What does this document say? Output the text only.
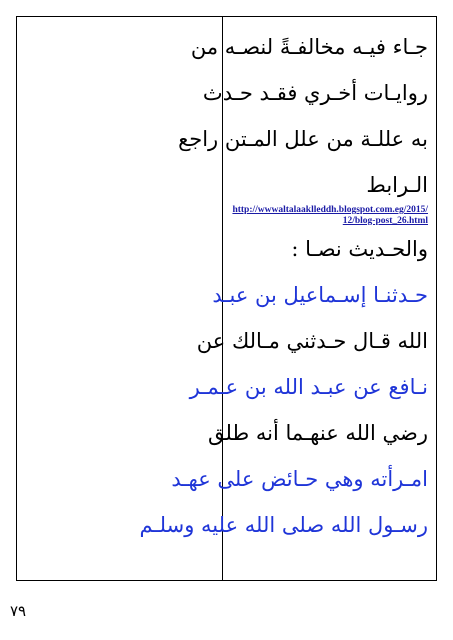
جـاء فيـه مخالفـةً لنصـه من
روايـات أخـري فقـد حـدث
به عللـة من علل المـتن راجع
الـرابط
http://wwwaltalaaklleddh.blogspot.com.eg/2015/12/blog-post_26.html
والحـديث نصـا :
حـدثنـا إسـماعيل بن عبـد
الله قـال حـدثني مـالك عن
نـافع عن عبـد الله بن عـمـر
رضي الله عنهـما أنه طلق
امـرأته وهي حـائض على عهـد
رسـول الله صلى الله عليه وسلـم
٧٩
